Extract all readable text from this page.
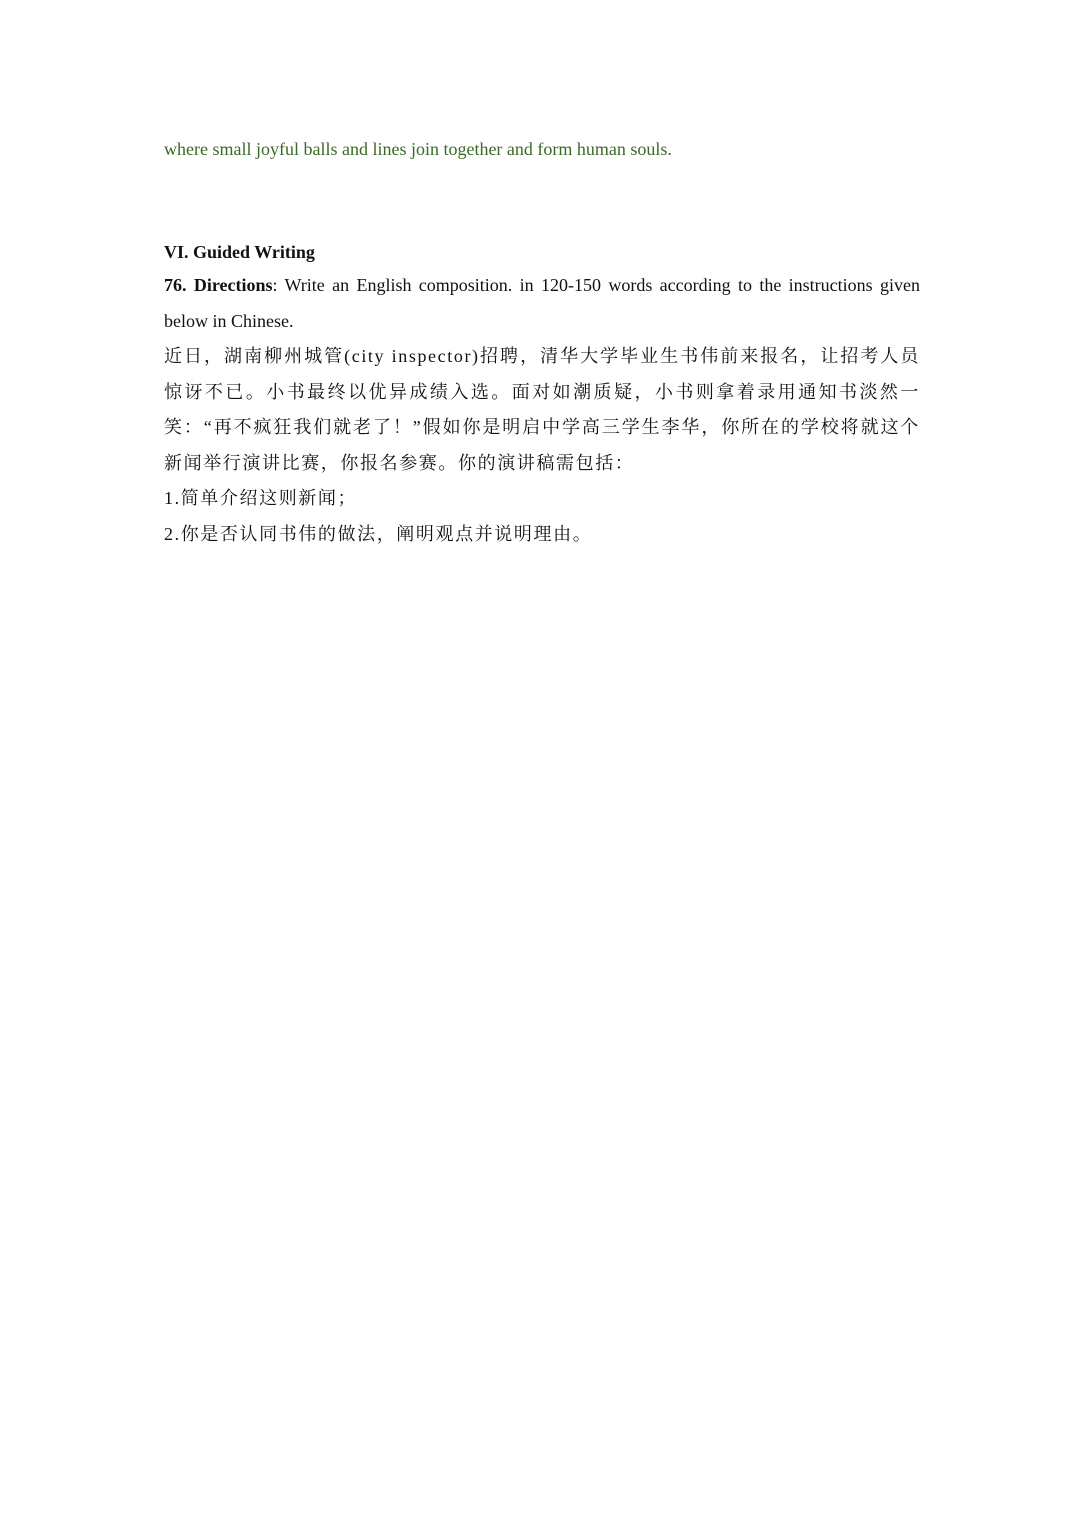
where small joyful balls and lines join together and form human souls.

VI. Guided Writing

76. Directions: Write an English composition. in 120-150 words according to the instructions given below in Chinese.

近日，湖南柳州城管(city inspector)招聘，清华大学毕业生书伟前来报名，让招考人员惊讶不已。小书最终以优异成绩入选。面对如潮质疑，小书则拿着录用通知书淡然一笑：“再不疯狂我们就老了！”假如你是明启中学高三学生李华，你所在的学校将就这个新闻举行演讲比赛，你报名参赛。你的演讲稿需包括：

1.简单介绍这则新闻；

2.你是否认同书伟的做法，阐明观点并说明理由。
